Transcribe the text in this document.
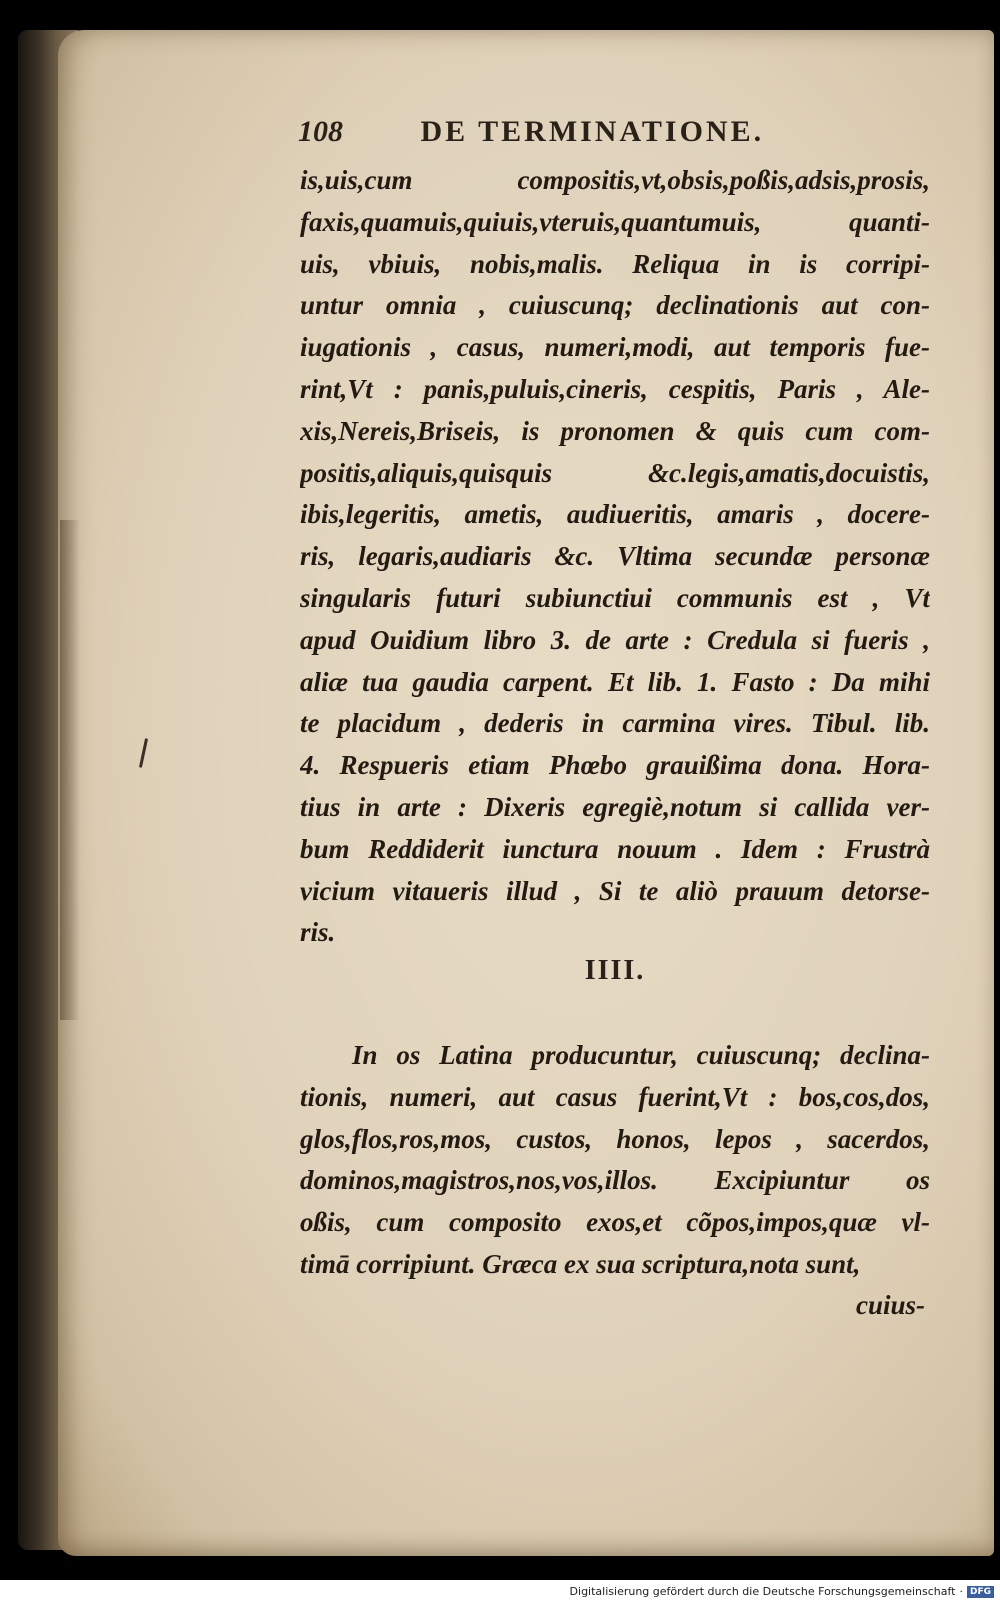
108	DE TERMINATIONE.
is,uis,cum compositis,vt,obsis,poßis,adsis,prosis,
faxis,quamuis,quiuis,vteruis,quantumuis, quanti-
uis, vbiuis, nobis,malis. Reliqua in is corripi-
untur omnia , cuiuscunq; declinationis aut con-
iugationis , casus, numeri,modi, aut temporis fue-
rint,Vt : panis,puluis,cineris, cespitis, Paris , Ale-
xis,Nereis,Briseis, is pronomen & quis cum com-
positis,aliquis,quisquis &c.legis,amatis,docuistis,
ibis,legeritis, ametis, audiueritis, amaris , docere-
ris, legaris,audiaris &c. Vltima secundæ personæ
singularis futuri subiunctiui communis est , Vt
apud Ouidium libro 3. de arte : Credula si fueris ,
aliæ tua gaudia carpent. Et lib. 1. Fasto : Da mihi
te placidum , dederis in carmina vires. Tibul. lib.
4. Respueris etiam Phœbo grauißima dona. Hora-
tius in arte : Dixeris egregiè,notum si callida ver-
bum Reddiderit iunctura nouum . Idem : Frustrà
vicium vitaueris illud , Si te aliò prauum detorse-
ris.
IIII.
In os Latina producuntur, cuiuscunq; declina-
tionis, numeri, aut casus fuerint,Vt : bos,cos,dos,
glos,flos,ros,mos, custos, honos, lepos , sacerdos,
dominos,magistros,nos,vos,illos. Excipiuntur os
oßis, cum composito exos,et cõpos,impos,quæ vl-
timā corripiunt. Græca ex sua scriptura,nota sunt,
cuius-
Digitalisierung gefördert durch die Deutsche Forschungsgemeinschaft · DFG
